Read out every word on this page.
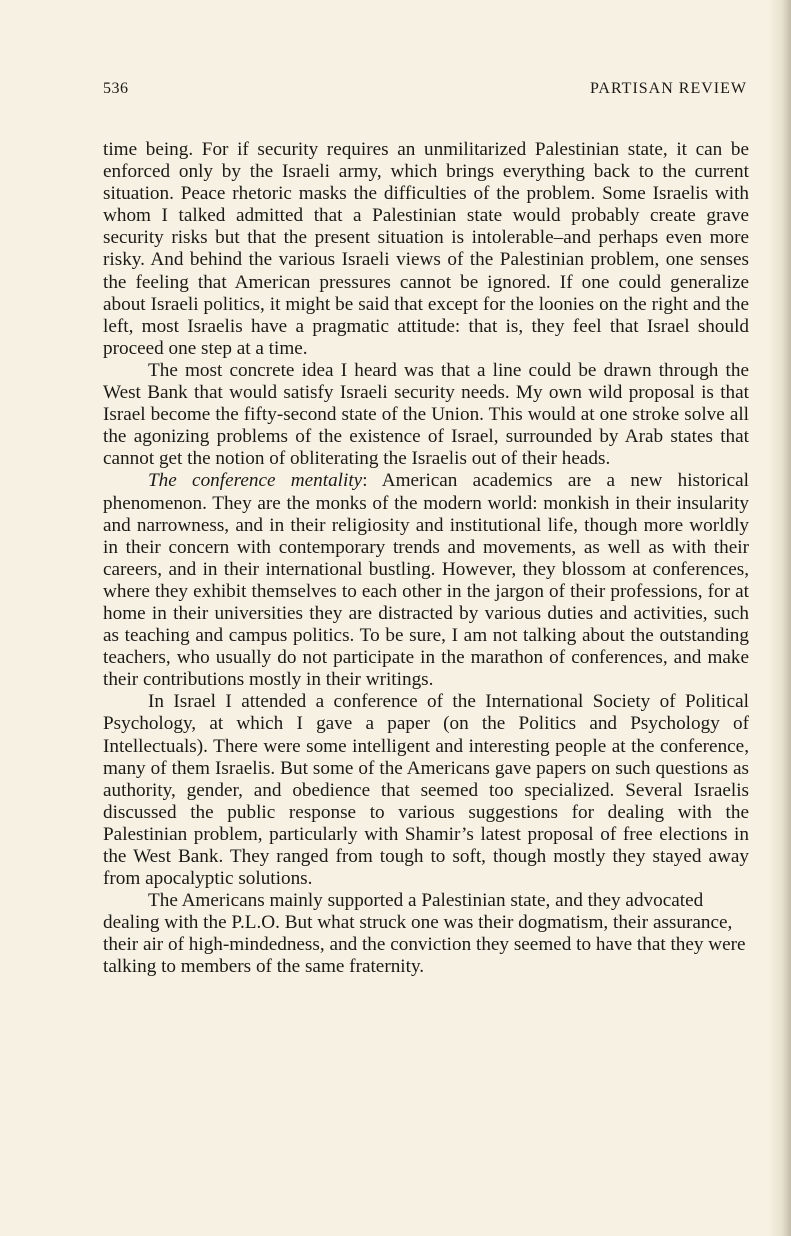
536	PARTISAN REVIEW

time being. For if security requires an unmilitarized Palestinian state, it can be enforced only by the Israeli army, which brings everything back to the current situation. Peace rhetoric masks the difficulties of the problem. Some Israelis with whom I talked admitted that a Palestinian state would probably create grave security risks but that the present situation is intolerable–and perhaps even more risky. And behind the various Israeli views of the Palestinian problem, one senses the feeling that American pressures cannot be ignored. If one could generalize about Israeli politics, it might be said that except for the loonies on the right and the left, most Israelis have a pragmatic attitude: that is, they feel that Israel should proceed one step at a time.

The most concrete idea I heard was that a line could be drawn through the West Bank that would satisfy Israeli security needs. My own wild proposal is that Israel become the fifty-second state of the Union. This would at one stroke solve all the agonizing problems of the existence of Israel, surrounded by Arab states that cannot get the notion of obliterating the Israelis out of their heads.

The conference mentality: American academics are a new historical phenomenon. They are the monks of the modern world: monkish in their insularity and narrowness, and in their religiosity and institutional life, though more worldly in their concern with contemporary trends and movements, as well as with their careers, and in their international bustling. However, they blossom at conferences, where they exhibit themselves to each other in the jargon of their professions, for at home in their universities they are distracted by various duties and activities, such as teaching and campus politics. To be sure, I am not talking about the outstanding teachers, who usually do not participate in the marathon of conferences, and make their contributions mostly in their writings.

In Israel I attended a conference of the International Society of Political Psychology, at which I gave a paper (on the Politics and Psychology of Intellectuals). There were some intelligent and interesting people at the conference, many of them Israelis. But some of the Americans gave papers on such questions as authority, gender, and obedience that seemed too specialized. Several Israelis discussed the public response to various suggestions for dealing with the Palestinian problem, particularly with Shamir’s latest proposal of free elections in the West Bank. They ranged from tough to soft, though mostly they stayed away from apocalyptic solutions.

The Americans mainly supported a Palestinian state, and they advocated dealing with the P.L.O. But what struck one was their dogmatism, their assurance, their air of high-mindedness, and the conviction they seemed to have that they were talking to members of the same fraternity.
